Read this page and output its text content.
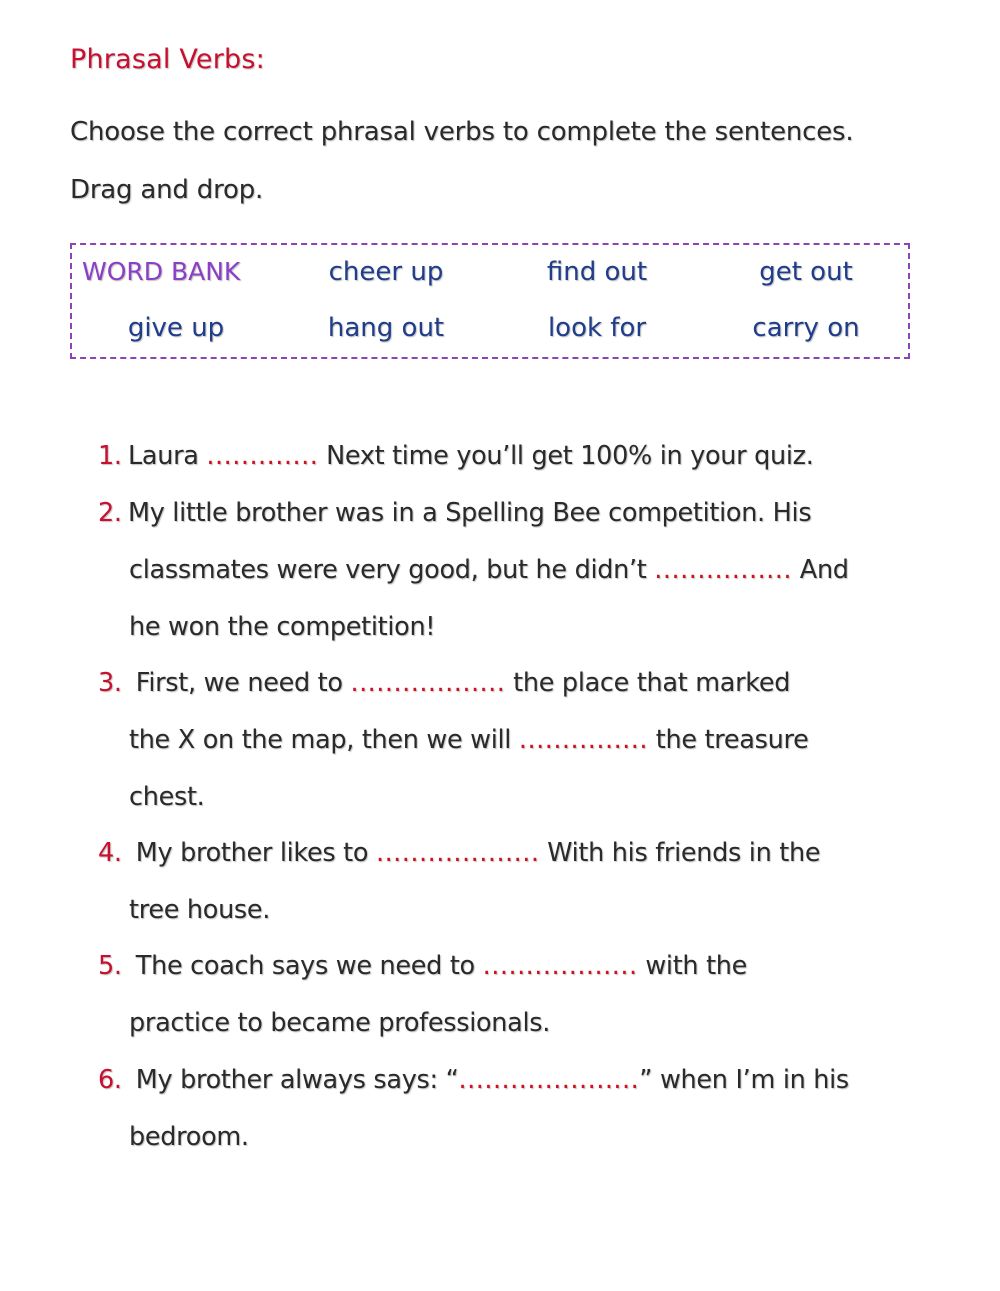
Phrasal Verbs:
Choose the correct phrasal verbs to complete the sentences.
Drag and drop.
WORD BANK	cheer up	find out	get out
give up	hang out	look for	carry on
1. Laura ............. Next time you’ll get 100% in your quiz.
2. My little brother was in a Spelling Bee competition. His
classmates were very good, but he didn’t ................ And
he won the competition!
3. First, we need to .................. the place that marked
the X on the map, then we will ............... the treasure
chest.
4. My brother likes to ................... With his friends in the
tree house.
5. The coach says we need to .................. with the
practice to became professionals.
6. My brother always says: “.....................” when I’m in his
bedroom.
